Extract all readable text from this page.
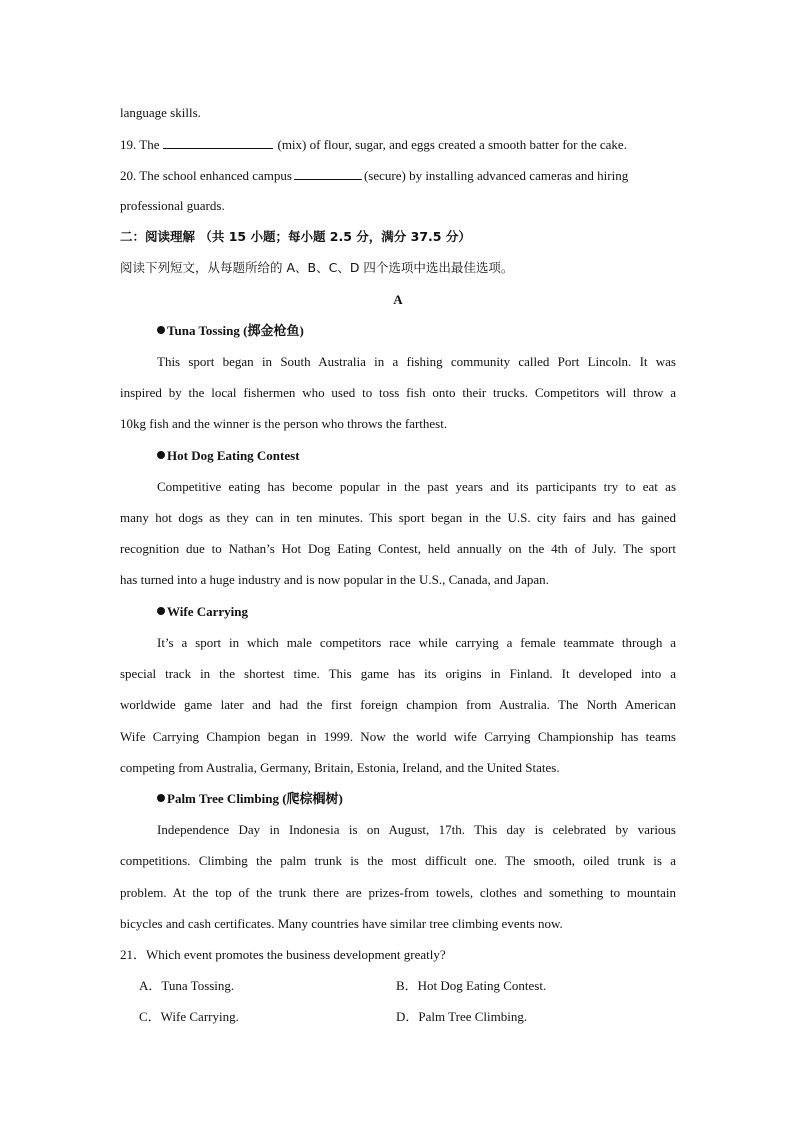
language skills.
19. The	(mix) of flour, sugar, and eggs created a smooth batter for the cake.
20. The school enhanced campus	(secure) by installing advanced cameras and hiring
professional guards.
二：阅读理解 （共 15 小题；每小题 2.5 分，满分 37.5 分）
阅读下列短文，从每题所给的 A、B、C、D 四个选项中选出最佳选项。
A
Tuna Tossing (掷金枪鱼)
This sport began in South Australia in a fishing community called Port Lincoln. It was
inspired by the local fishermen who used to toss fish onto their trucks. Competitors will throw a
10kg fish and the winner is the person who throws the farthest.
Hot Dog Eating Contest
Competitive eating has become popular in the past years and its participants try to eat as
many hot dogs as they can in ten minutes. This sport began in the U.S. city fairs and has gained
recognition due to Nathan’s Hot Dog Eating Contest, held annually on the 4th of July. The sport
has turned into a huge industry and is now popular in the U.S., Canada, and Japan.
Wife Carrying
It’s a sport in which male competitors race while carrying a female teammate through a
special track in the shortest time. This game has its origins in Finland. It developed into a
worldwide game later and had the first foreign champion from Australia. The North American
Wife Carrying Champion began in 1999. Now the world wife Carrying Championship has teams
competing from Australia, Germany, Britain, Estonia, Ireland, and the United States.
Palm Tree Climbing (爬棕榈树)
Independence Day in Indonesia is on August, 17th. This day is celebrated by various
competitions. Climbing the palm trunk is the most difficult one. The smooth, oiled trunk is a
problem. At the top of the trunk there are prizes-from towels, clothes and something to mountain
bicycles and cash certificates. Many countries have similar tree climbing events now.
21．Which event promotes the business development greatly?
A．Tuna Tossing.	B．Hot Dog Eating Contest.
C．Wife Carrying.	D．Palm Tree Climbing.
